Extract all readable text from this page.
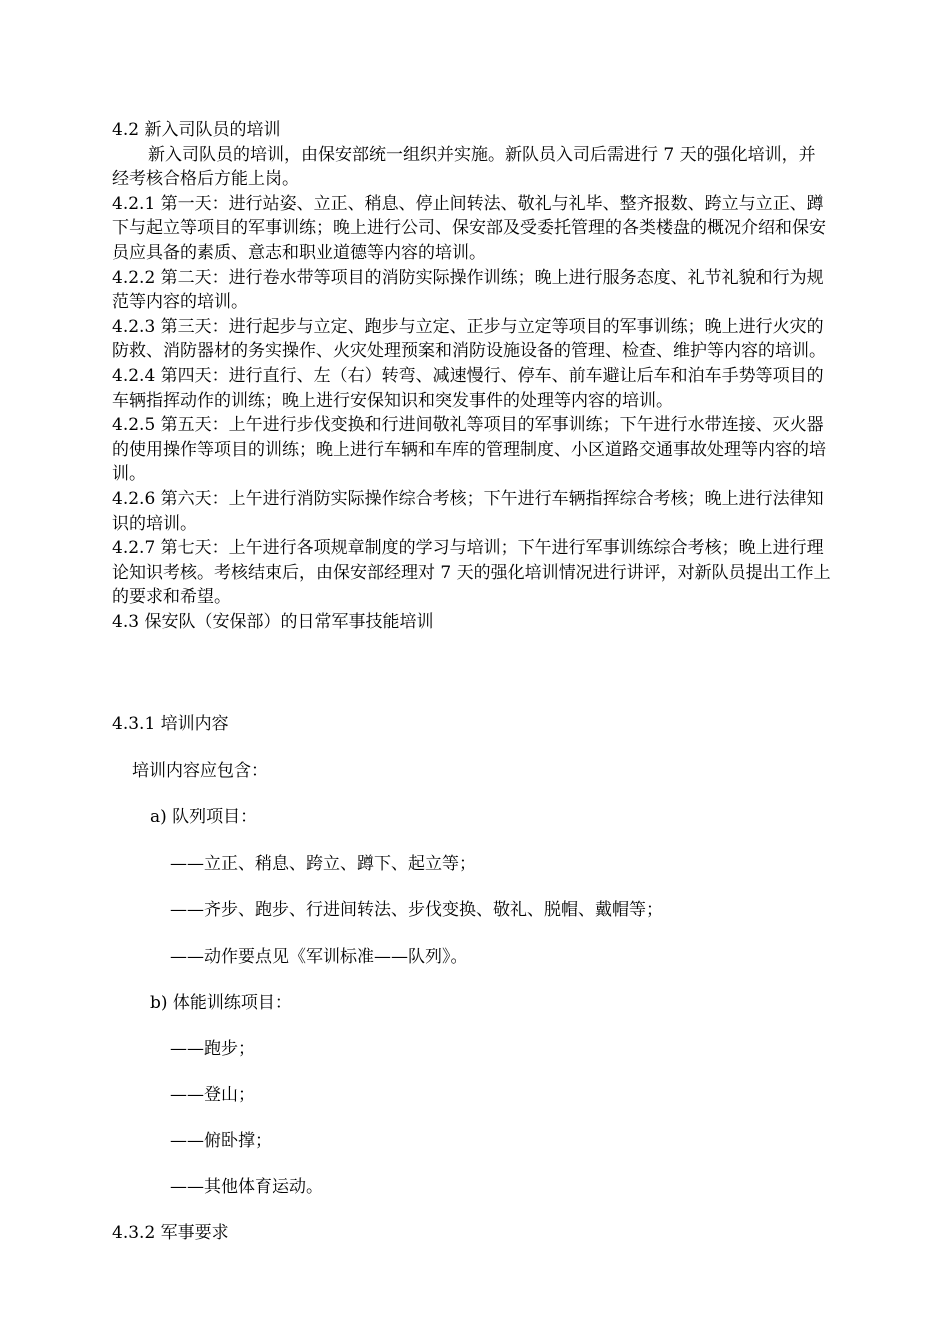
4.2 新入司队员的培训

新入司队员的培训，由保安部统一组织并实施。新队员入司后需进行 7 天的强化培训，并经考核合格后方能上岗。

4.2.1 第一天：进行站姿、立正、稍息、停止间转法、敬礼与礼毕、整齐报数、跨立与立正、蹲下与起立等项目的军事训练；晚上进行公司、保安部及受委托管理的各类楼盘的概况介绍和保安员应具备的素质、意志和职业道德等内容的培训。

4.2.2 第二天：进行卷水带等项目的消防实际操作训练；晚上进行服务态度、礼节礼貌和行为规范等内容的培训。

4.2.3 第三天：进行起步与立定、跑步与立定、正步与立定等项目的军事训练；晚上进行火灾的防救、消防器材的务实操作、火灾处理预案和消防设施设备的管理、检查、维护等内容的培训。

4.2.4 第四天：进行直行、左（右）转弯、减速慢行、停车、前车避让后车和泊车手势等项目的车辆指挥动作的训练；晚上进行安保知识和突发事件的处理等内容的培训。

4.2.5 第五天：上午进行步伐变换和行进间敬礼等项目的军事训练；下午进行水带连接、灭火器的使用操作等项目的训练；晚上进行车辆和车库的管理制度、小区道路交通事故处理等内容的培训。

4.2.6 第六天：上午进行消防实际操作综合考核；下午进行车辆指挥综合考核；晚上进行法律知识的培训。

4.2.7 第七天：上午进行各项规章制度的学习与培训；下午进行军事训练综合考核；晚上进行理论知识考核。考核结束后，由保安部经理对 7 天的强化培训情况进行讲评，对新队员提出工作上的要求和希望。

4.3 保安队（安保部）的日常军事技能培训

4.3.1 培训内容
培训内容应包含：
a) 队列项目：
——立正、稍息、跨立、蹲下、起立等；
——齐步、跑步、行进间转法、步伐变换、敬礼、脱帽、戴帽等；
——动作要点见《军训标准——队列》。
b) 体能训练项目：
——跑步；
——登山；
——俯卧撑；
——其他体育运动。
4.3.2 军事要求
